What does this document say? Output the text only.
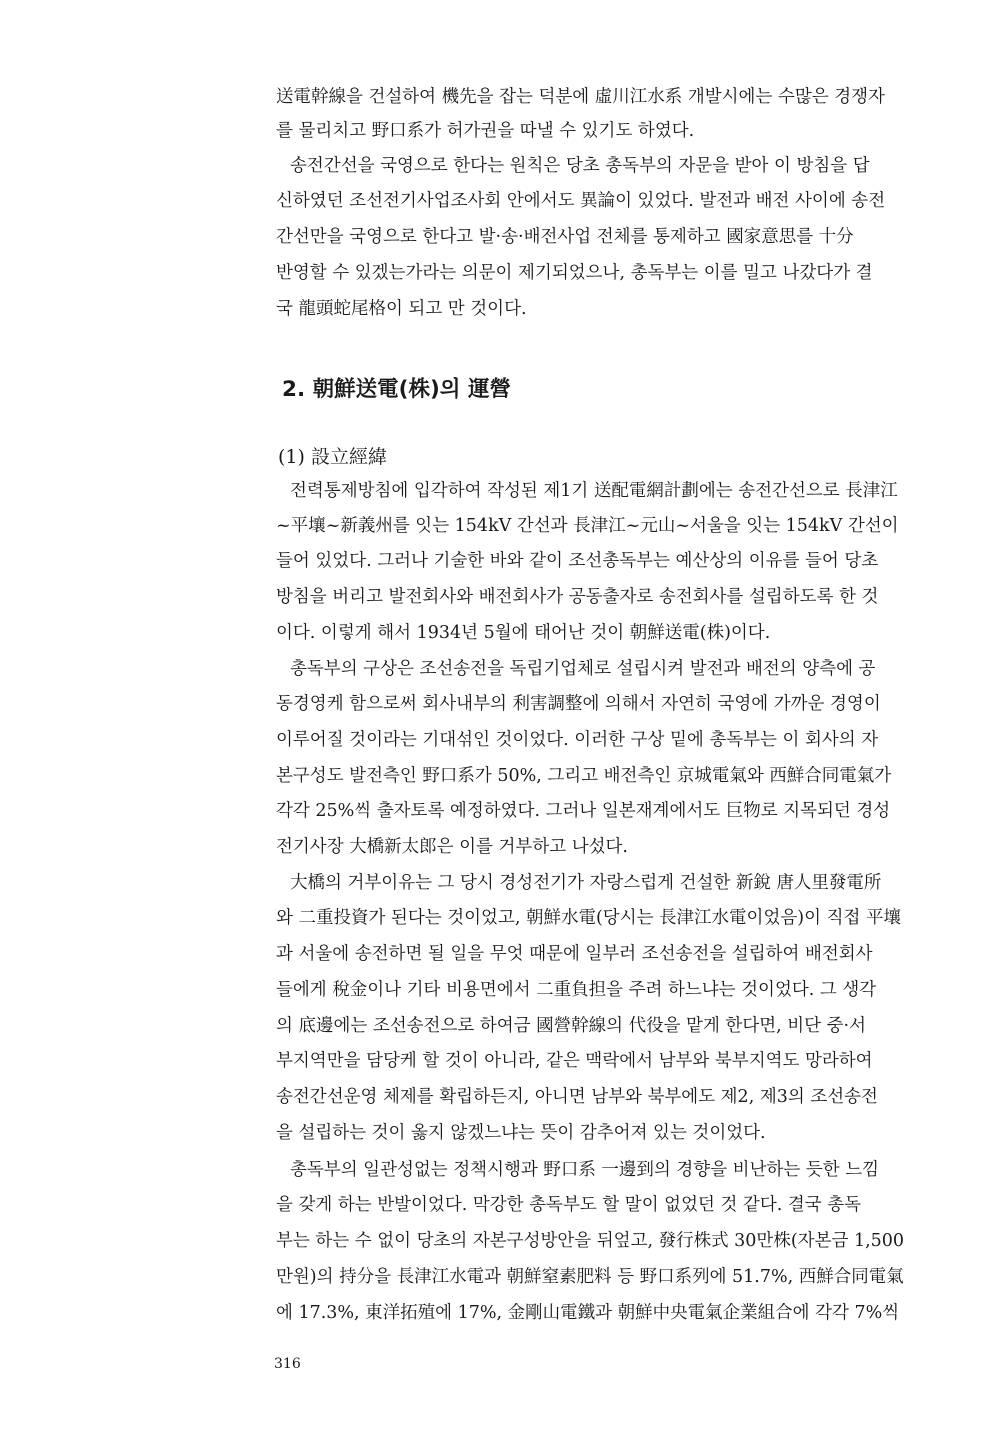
送電幹線을 건설하여 機先을 잡는 덕분에 虛川江水系 개발시에는 수많은 경쟁자
를 물리치고 野口系가 허가권을 따낼 수 있기도 하였다.
송전간선을 국영으로 한다는 원칙은 당초 총독부의 자문을 받아 이 방침을 답
신하였던 조선전기사업조사회 안에서도 異論이 있었다. 발전과 배전 사이에 송전
간선만을 국영으로 한다고 발·송·배전사업 전체를 통제하고 國家意思를 十分
반영할 수 있겠는가라는 의문이 제기되었으나, 총독부는 이를 밀고 나갔다가 결
국 龍頭蛇尾格이 되고 만 것이다.
2. 朝鮮送電(株)의 運營
(1) 設立經緯
전력통제방침에 입각하여 작성된 제1기 送配電網計劃에는 송전간선으로 長津江
~平壤~新義州를 잇는 154kV 간선과 長津江~元山~서울을 잇는 154kV 간선이
들어 있었다. 그러나 기술한 바와 같이 조선총독부는 예산상의 이유를 들어 당초
방침을 버리고 발전회사와 배전회사가 공동출자로 송전회사를 설립하도록 한 것
이다. 이렇게 해서 1934년 5월에 태어난 것이 朝鮮送電(株)이다.
총독부의 구상은 조선송전을 독립기업체로 설립시켜 발전과 배전의 양측에 공
동경영케 함으로써 회사내부의 利害調整에 의해서 자연히 국영에 가까운 경영이
이루어질 것이라는 기대섞인 것이었다. 이러한 구상 밑에 총독부는 이 회사의 자
본구성도 발전측인 野口系가 50%, 그리고 배전측인 京城電氣와 西鮮合同電氣가
각각 25%씩 출자토록 예정하였다. 그러나 일본재계에서도 巨物로 지목되던 경성
전기사장 大橋新太郎은 이를 거부하고 나섰다.
大橋의 거부이유는 그 당시 경성전기가 자랑스럽게 건설한 新銳 唐人里發電所
와 二重投資가 된다는 것이었고, 朝鮮水電(당시는 長津江水電이었음)이 직접 平壤
과 서울에 송전하면 될 일을 무엇 때문에 일부러 조선송전을 설립하여 배전회사
들에게 稅金이나 기타 비용면에서 二重負担을 주려 하느냐는 것이었다. 그 생각
의 底邊에는 조선송전으로 하여금 國營幹線의 代役을 맡게 한다면, 비단 중·서
부지역만을 담당케 할 것이 아니라, 같은 맥락에서 남부와 북부지역도 망라하여
송전간선운영 체제를 확립하든지, 아니면 남부와 북부에도 제2, 제3의 조선송전
을 설립하는 것이 옳지 않겠느냐는 뜻이 감추어져 있는 것이었다.
총독부의 일관성없는 정책시행과 野口系 一邊到의 경향을 비난하는 듯한 느낌
을 갖게 하는 반발이었다. 막강한 총독부도 할 말이 없었던 것 같다. 결국 총독
부는 하는 수 없이 당초의 자본구성방안을 뒤엎고, 發行株式 30만株(자본금 1,500
만원)의 持分을 長津江水電과 朝鮮窒素肥料 등 野口系列에 51.7%, 西鮮合同電氣
에 17.3%, 東洋拓殖에 17%, 金剛山電鐵과 朝鮮中央電氣企業組合에 각각 7%씩
316
